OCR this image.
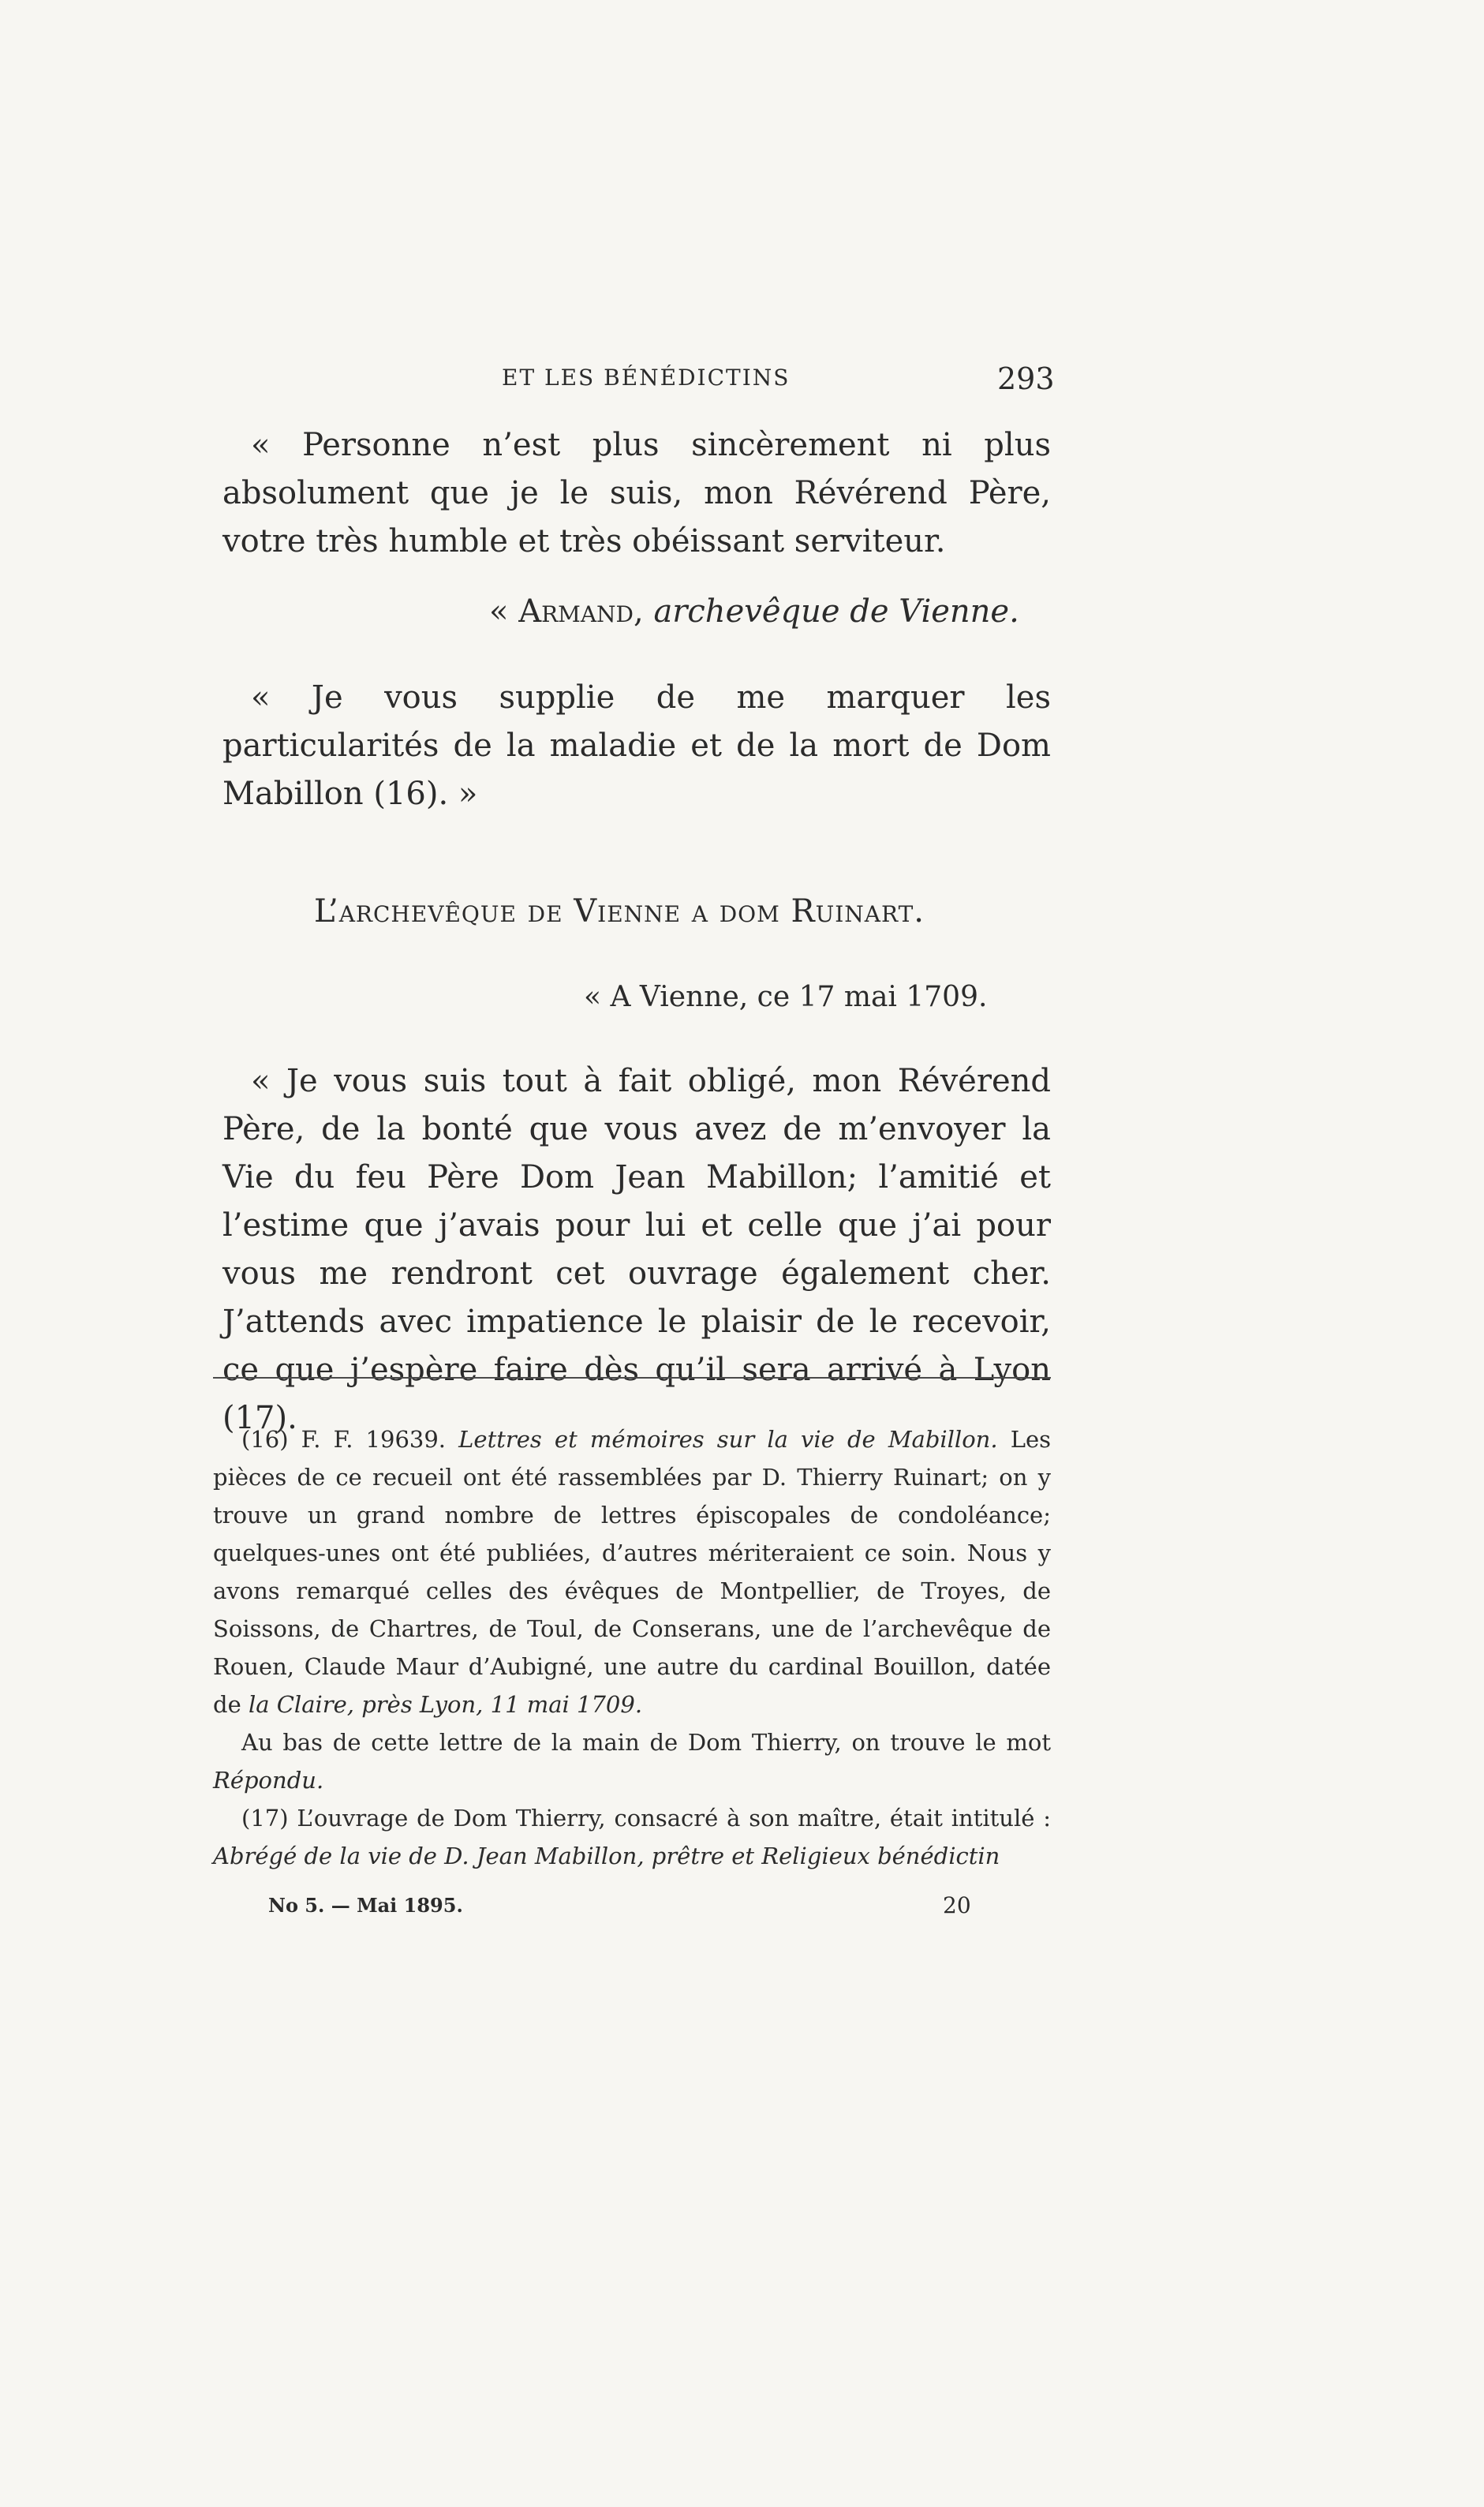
ET LES BÉNÉDICTINS	293

« Personne n’est plus sincèrement ni plus absolument que je le suis, mon Révérend Père, votre très humble et très obéissant serviteur.

« Armand, archevêque de Vienne.

« Je vous supplie de me marquer les particularités de la maladie et de la mort de Dom Mabillon (16). »

L’archevêque de Vienne a dom Ruinart.
« A Vienne, ce 17 mai 1709.

« Je vous suis tout à fait obligé, mon Révérend Père, de la bonté que vous avez de m’envoyer la Vie du feu Père Dom Jean Mabillon; l’amitié et l’estime que j’avais pour lui et celle que j’ai pour vous me rendront cet ouvrage également cher. J’attends avec impatience le plaisir de le recevoir, ce que j’espère faire dès qu’il sera arrivé à Lyon (17).

(16) F. F. 19639. Lettres et mémoires sur la vie de Mabillon. Les pièces de ce recueil ont été rassemblées par D. Thierry Ruinart; on y trouve un grand nombre de lettres épiscopales de condoléance; quelques-unes ont été publiées, d’autres mériteraient ce soin. Nous y avons remarqué celles des évêques de Montpellier, de Troyes, de Soissons, de Chartres, de Toul, de Conserans, une de l’archevêque de Rouen, Claude Maur d’Aubigné, une autre du cardinal Bouillon, datée de la Claire, près Lyon, 11 mai 1709.

Au bas de cette lettre de la main de Dom Thierry, on trouve le mot Répondu.

(17) L’ouvrage de Dom Thierry, consacré à son maître, était intitulé : Abrégé de la vie de D. Jean Mabillon, prêtre et Religieux bénédictin

No 5. — Mai 1895.	20
